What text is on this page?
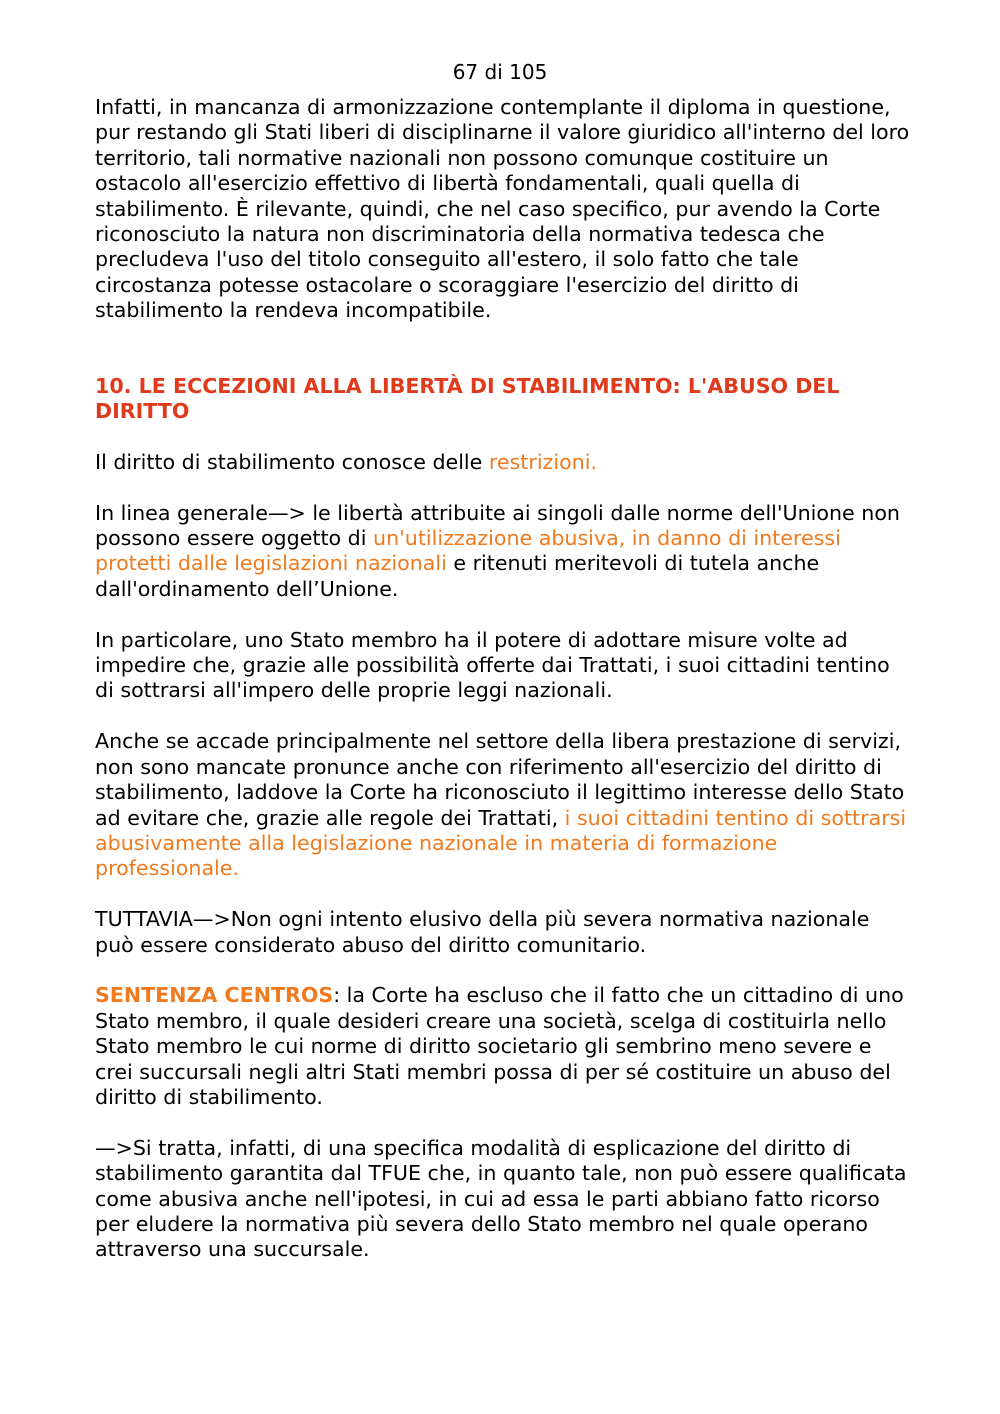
67 di 105

Infatti, in mancanza di armonizzazione contemplante il diploma in questione, pur restando gli Stati liberi di disciplinarne il valore giuridico all'interno del loro territorio, tali normative nazionali non possono comunque costituire un ostacolo all'esercizio effettivo di libertà fondamentali, quali quella di stabilimento. È rilevante, quindi, che nel caso specifico, pur avendo la Corte riconosciuto la natura non discriminatoria della normativa tedesca che precludeva l'uso del titolo conseguito all'estero, il solo fatto che tale circostanza potesse ostacolare o scoraggiare l'esercizio del diritto di stabilimento la rendeva incompatibile.

10. LE ECCEZIONI ALLA LIBERTÀ DI STABILIMENTO: L'ABUSO DEL DIRITTO

Il diritto di stabilimento conosce delle restrizioni.

In linea generale—> le libertà attribuite ai singoli dalle norme dell'Unione non possono essere oggetto di un'utilizzazione abusiva, in danno di interessi protetti dalle legislazioni nazionali e ritenuti meritevoli di tutela anche dall'ordinamento dell’Unione.

In particolare, uno Stato membro ha il potere di adottare misure volte ad impedire che, grazie alle possibilità offerte dai Trattati, i suoi cittadini tentino di sottrarsi all'impero delle proprie leggi nazionali.

Anche se accade principalmente nel settore della libera prestazione di servizi, non sono mancate pronunce anche con riferimento all'esercizio del diritto di stabilimento, laddove la Corte ha riconosciuto il legittimo interesse dello Stato ad evitare che, grazie alle regole dei Trattati, i suoi cittadini tentino di sottrarsi abusivamente alla legislazione nazionale in materia di formazione professionale.

TUTTAVIA—>Non ogni intento elusivo della più severa normativa nazionale può essere considerato abuso del diritto comunitario.

SENTENZA CENTROS: la Corte ha escluso che il fatto che un cittadino di uno Stato membro, il quale desideri creare una società, scelga di costituirla nello Stato membro le cui norme di diritto societario gli sembrino meno severe e crei succursali negli altri Stati membri possa di per sé costituire un abuso del diritto di stabilimento.

—>Si tratta, infatti, di una specifica modalità di esplicazione del diritto di stabilimento garantita dal TFUE che, in quanto tale, non può essere qualificata come abusiva anche nell'ipotesi, in cui ad essa le parti abbiano fatto ricorso per eludere la normativa più severa dello Stato membro nel quale operano attraverso una succursale.
